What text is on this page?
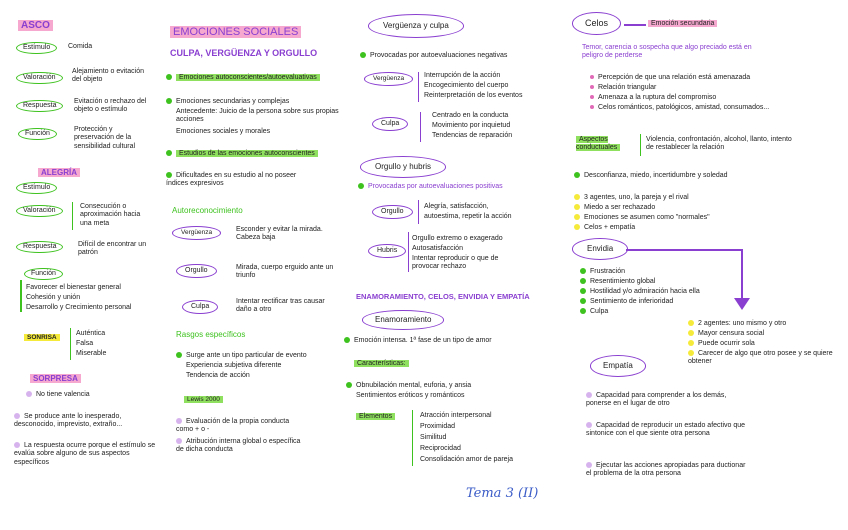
ASCO
Estímulo	Comida
Valoración
Alejamiento o evitación del objeto
Respuesta
Evitación o rechazo del objeto o estímulo
Función
Protección y preservación de la sensibilidad cultural
ALEGRÍA
Estímulo
Valoración
Consecución o aproximación hacia una meta
Respuesta	Difícil de encontrar un patrón
Función
Favorecer el bienestar general
Cohesión y unión
Desarrollo y Crecimiento personal
SONRISA
Auténtica
Falsa
Miserable
SORPRESA
No tiene valencia
Se produce ante lo inesperado, desconocido, imprevisto, extraño...
La respuesta ocurre porque el estímulo se evalúa sobre alguno de sus aspectos específicos
EMOCIONES SOCIALES
CULPA, VERGÜENZA Y ORGULLO
Emociones autoconscientes/autoevaluativas
Emociones secundarias y complejas
Antecedente: Juicio de la persona sobre sus propias acciones
Emociones sociales y morales
Estudios de las emociones autoconscientes
Dificultades en su estudio al no poseer índices expresivos
Autoreconocimiento
Vergüenza	Esconder y evitar la mirada. Cabeza baja
Orgullo	Mirada, cuerpo erguido ante un triunfo
Culpa
Intentar rectificar tras causar daño a otro
Rasgos específicos
Surge ante un tipo particular de evento
Experiencia subjetiva diferente
Tendencia de acción
Lewis 2000
Evaluación de la propia conducta como + o -
Atribución interna global o específica de dicha conducta
Vergüenza y culpa
Provocadas por autoevaluaciones negativas
Vergüenza	Interrupción de la acción
Encogecimiento del cuerpo
Reinterpretación de los eventos
Culpa
Centrado en la conducta
Movimiento por inquietud
Tendencias de reparación
Orgullo y hubris
Provocadas por autoevaluaciones positivas
Orgullo
Alegría, satisfacción,
autoestima, repetir la acción
Hubris
Orgullo extremo o exagerado
Autosatisfacción
Intentar reproducir o que de provocar rechazo
ENAMORAMIENTO, CELOS, ENVIDIA Y EMPATÍA
Enamoramiento
Emoción intensa. 1ª fase de un tipo de amor
Características:
Obnubilación mental, euforia, y ansia
Sentimientos eróticos y románticos
Elementos	Atracción interpersonal
Proximidad
Similitud
Reciprocidad
Consolidación amor de pareja
Tema 3 (II)
Celos	Emoción secundaria
Temor, carencia o sospecha que algo preciado está en peligro de perderse
Percepción de que una relación está amenazada
Relación triangular
Amenaza a la ruptura del compromiso
Celos románticos, patológicos, amistad, consumados...
Aspectos conductuales
Violencia, confrontación, alcohol, llanto, intento de restablecer la relación
Desconfianza, miedo, incertidumbre y soledad
3 agentes, uno, la pareja y el rival
Miedo a ser rechazado
Emociones se asumen como "normales"
Celos + empatía
Envidia
Frustración
Resentimiento global
Hostilidad y/o admiración hacia ella
Sentimiento de inferioridad
Culpa
2 agentes: uno mismo y otro
Mayor censura social
Puede ocurrir sola
Carecer de algo que otro posee y se quiere obtener
Empatía
Capacidad para comprender a los demás, ponerse en el lugar de otro
Capacidad de reproducir un estado afectivo que sintonice con el que siente otra persona
Ejecutar las acciones apropiadas para ductionar el problema de la otra persona
